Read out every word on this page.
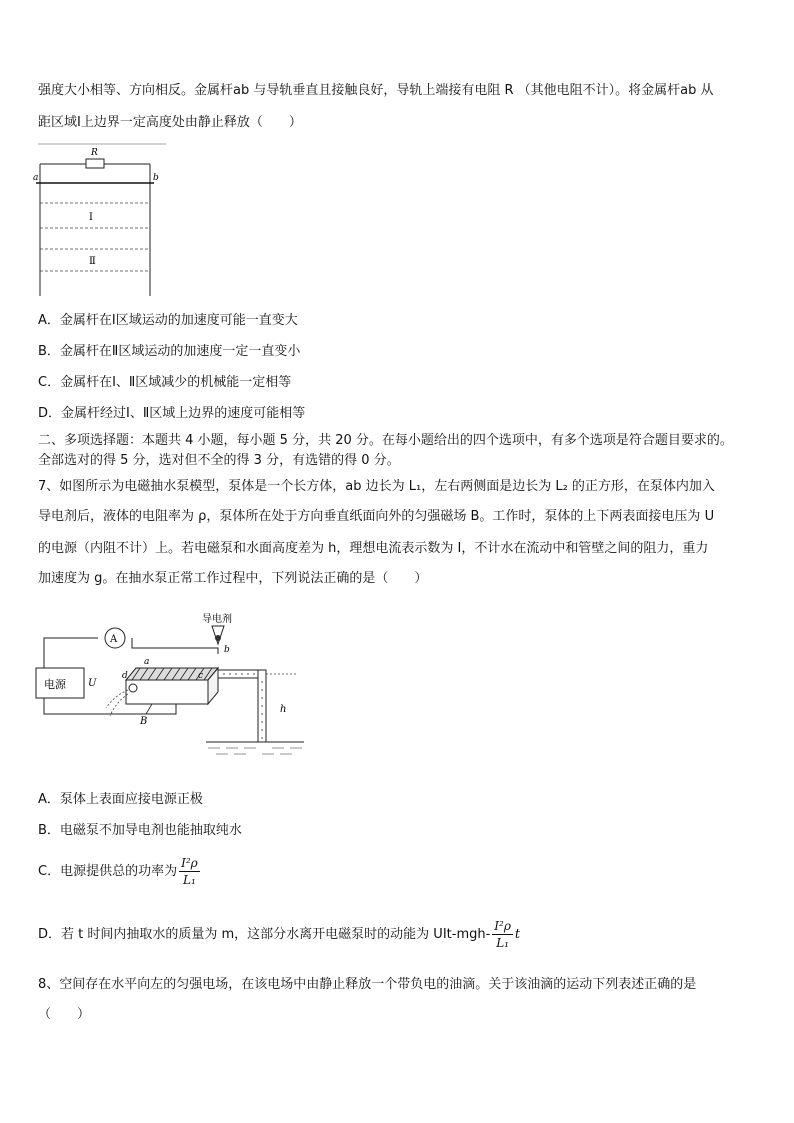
强度大小相等、方向相反。金属杆ab 与导轨垂直且接触良好，导轨上端接有电阻 R （其他电阻不计）。将金属杆ab 从
距区域Ⅰ上边界一定高度处由静止释放（　　）
R
a	b
Ⅰ
Ⅱ
A．金属杆在Ⅰ区域运动的加速度可能一直变大
B．金属杆在Ⅱ区域运动的加速度一定一直变小
C．金属杆在Ⅰ、Ⅱ区域减少的机械能一定相等
D．金属杆经过Ⅰ、Ⅱ区域上边界的速度可能相等
二、多项选择题：本题共 4 小题，每小题 5 分，共 20 分。在每小题给出的四个选项中，有多个选项是符合题目要求的。
全部选对的得 5 分，选对但不全的得 3 分，有选错的得 0 分。
7、如图所示为电磁抽水泵模型，泵体是一个长方体，ab 边长为 L₁，左右两侧面是边长为 L₂ 的正方形，在泵体内加入
导电剂后，液体的电阻率为 ρ，泵体所在处于方向垂直纸面向外的匀强磁场 B。工作时，泵体的上下两表面接电压为 U
的电源（内阻不计）上。若电磁泵和水面高度差为 h，理想电流表示数为 I，不计水在流动中和管壁之间的阻力，重力
加速度为 g。在抽水泵正常工作过程中，下列说法正确的是（　　）
导电剂
b
A
电源 U
a
d	c
B
h
A．泵体上表面应接电源正极
B．电磁泵不加导电剂也能抽取纯水
C．电源提供总的功率为 $\frac{\text{I²ρ}}{\text{L₁}}$
D．若 t 时间内抽取水的质量为 m，这部分水离开电磁泵时的动能为 $UIt-mgh- \frac{\text{I²ρ}}{\text{L₁}}$ t
8、空间存在水平向左的匀强电场，在该电场中由静止释放一个带负电的油滴。关于该油滴的运动下列表述正确的是
（　　）
